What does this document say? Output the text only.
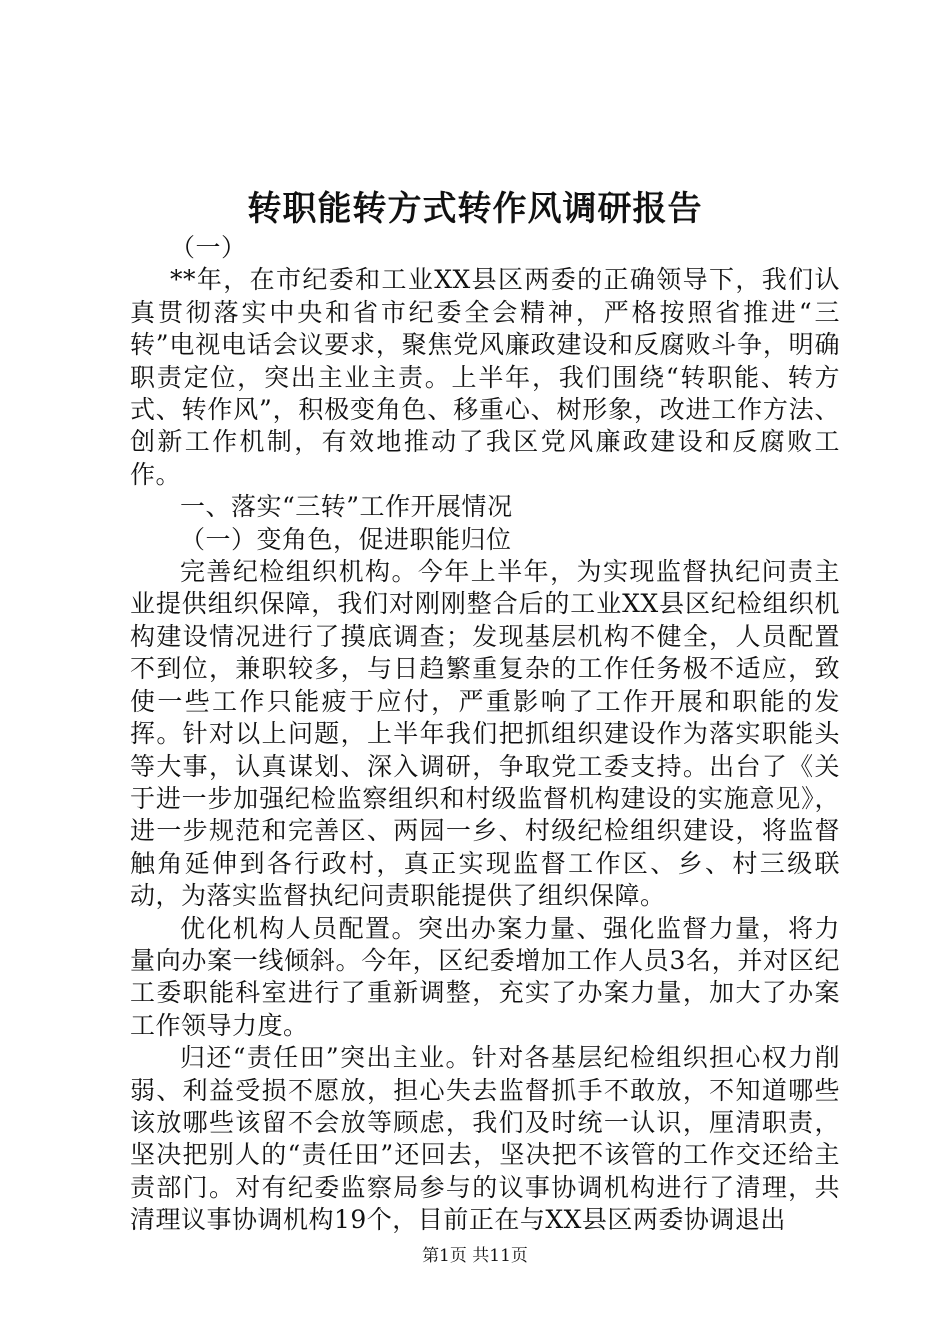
转职能转方式转作风调研报告

（一）

**年，在市纪委和工业XX县区两委的正确领导下，我们认真贯彻落实中央和省市纪委全会精神，严格按照省推进“三转”电视电话会议要求，聚焦党风廉政建设和反腐败斗争，明确职责定位，突出主业主责。上半年，我们围绕“转职能、转方式、转作风”，积极变角色、移重心、树形象，改进工作方法、创新工作机制，有效地推动了我区党风廉政建设和反腐败工作。

一、落实“三转”工作开展情况

（一）变角色，促进职能归位

完善纪检组织机构。今年上半年，为实现监督执纪问责主业提供组织保障，我们对刚刚整合后的工业XX县区纪检组织机构建设情况进行了摸底调查；发现基层机构不健全，人员配置不到位，兼职较多，与日趋繁重复杂的工作任务极不适应，致使一些工作只能疲于应付，严重影响了工作开展和职能的发挥。针对以上问题，上半年我们把抓组织建设作为落实职能头等大事，认真谋划、深入调研，争取党工委支持。出台了《关于进一步加强纪检监察组织和村级监督机构建设的实施意见》，进一步规范和完善区、两园一乡、村级纪检组织建设，将监督触角延伸到各行政村，真正实现监督工作区、乡、村三级联动，为落实监督执纪问责职能提供了组织保障。

优化机构人员配置。突出办案力量、强化监督力量，将力量向办案一线倾斜。今年，区纪委增加工作人员3名，并对区纪工委职能科室进行了重新调整，充实了办案力量，加大了办案工作领导力度。

归还“责任田”突出主业。针对各基层纪检组织担心权力削弱、利益受损不愿放，担心失去监督抓手不敢放，不知道哪些该放哪些该留不会放等顾虑，我们及时统一认识，厘清职责，坚决把别人的“责任田”还回去，坚决把不该管的工作交还给主责部门。对有纪委监察局参与的议事协调机构进行了清理，共清理议事协调机构19个，目前正在与XX县区两委协调退出

第1页 共11页
